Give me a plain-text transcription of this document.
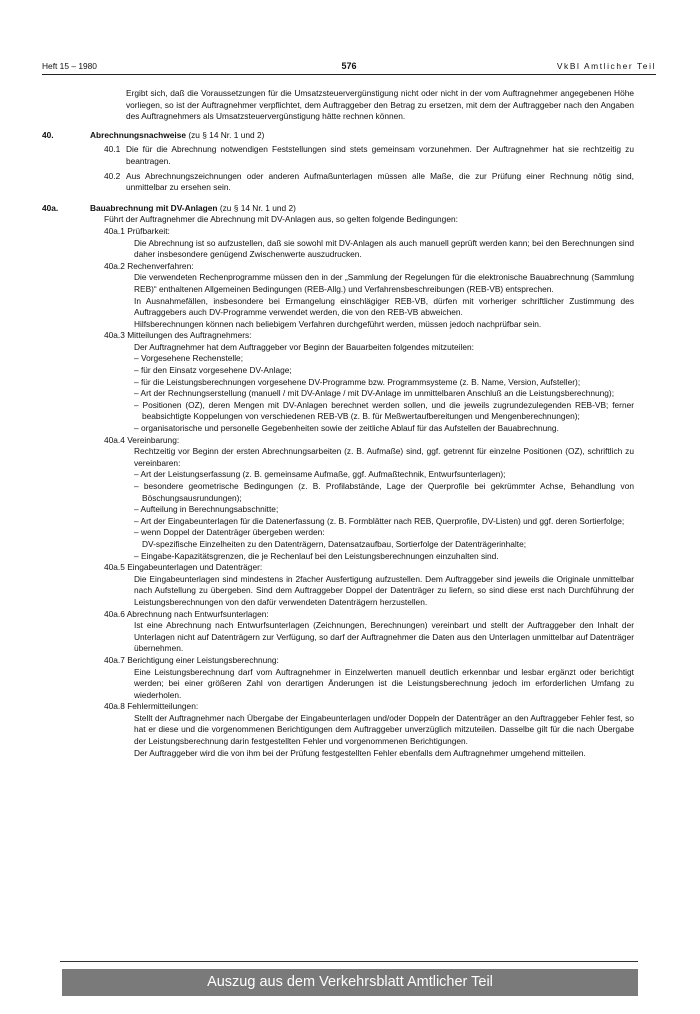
Heft 15 – 1980	576	VkBl Amtlicher Teil

Ergibt sich, daß die Voraussetzungen für die Umsatzsteuervergünstigung nicht oder nicht in der vom Auftragnehmer angegebenen Höhe vorliegen, so ist der Auftragnehmer verpflichtet, dem Auftraggeber den Betrag zu ersetzen, mit dem der Auftraggeber nach den Angaben des Auftragnehmers als Umsatzsteuervergünstigung hätte rechnen können.

40.	Abrechnungsnachweise (zu § 14 Nr. 1 und 2)
40.1 Die für die Abrechnung notwendigen Feststellungen sind stets gemeinsam vorzunehmen. Der Auftragnehmer hat sie rechtzeitig zu beantragen.

40.2 Aus Abrechnungszeichnungen oder anderen Aufmaßunterlagen müssen alle Maße, die zur Prüfung einer Rechnung nötig sind, unmittelbar zu ersehen sein.

40a.	Bauabrechnung mit DV-Anlagen (zu § 14 Nr. 1 und 2)

Führt der Auftragnehmer die Abrechnung mit DV-Anlagen aus, so gelten folgende Bedingungen:

40a.1 Prüfbarkeit:

Die Abrechnung ist so aufzustellen, daß sie sowohl mit DV-Anlagen als auch manuell geprüft werden kann; bei den Berechnungen sind daher insbesondere genügend Zwischenwerte auszudrucken.

40a.2 Rechenverfahren:

Die verwendeten Rechenprogramme müssen den in der „Sammlung der Regelungen für die elektronische Bauabrechnung (Sammlung REB)“ enthaltenen Allgemeinen Bedingungen (REB-Allg.) und Verfahrensbeschreibungen (REB-VB) entsprechen.

In Ausnahmefällen, insbesondere bei Ermangelung einschlägiger REB-VB, dürfen mit vorheriger schriftlicher Zustimmung des Auftraggebers auch DV-Programme verwendet werden, die von den REB-VB abweichen.

Hilfsberechnungen können nach beliebigem Verfahren durchgeführt werden, müssen jedoch nachprüfbar sein.

40a.3 Mitteilungen des Auftragnehmers:

Der Auftragnehmer hat dem Auftraggeber vor Beginn der Bauarbeiten folgendes mitzuteilen:

– Vorgesehene Rechenstelle;

– für den Einsatz vorgesehene DV-Anlage;

– für die Leistungsberechnungen vorgesehene DV-Programme bzw. Programmsysteme (z. B. Name, Version, Aufsteller);

– Art der Rechnungserstellung (manuell / mit DV-Anlage / mit DV-Anlage im unmittelbaren Anschluß an die Leistungsberechnung);

– Positionen (OZ), deren Mengen mit DV-Anlagen berechnet werden sollen, und die jeweils zugrundezulegenden REB-VB; ferner beabsichtigte Koppelungen von verschiedenen REB-VB (z. B. für Meßwertaufbereitungen und Mengenberechnungen);

– organisatorische und personelle Gegebenheiten sowie der zeitliche Ablauf für das Aufstellen der Bauabrechnung.

40a.4 Vereinbarung:

Rechtzeitig vor Beginn der ersten Abrechnungsarbeiten (z. B. Aufmaße) sind, ggf. getrennt für einzelne Positionen (OZ), schriftlich zu vereinbaren:

– Art der Leistungserfassung (z. B. gemeinsame Aufmaße, ggf. Aufmaßtechnik, Entwurfsunterlagen);

– besondere geometrische Bedingungen (z. B. Profilabstände, Lage der Querprofile bei gekrümmter Achse, Behandlung von Böschungsausrundungen);

– Aufteilung in Berechnungsabschnitte;

– Art der Eingabeunterlagen für die Datenerfassung (z. B. Formblätter nach REB, Querprofile, DV-Listen) und ggf. deren Sortierfolge;

– wenn Doppel der Datenträger übergeben werden:

DV-spezifische Einzelheiten zu den Datenträgern, Datensatzaufbau, Sortierfolge der Datenträgerinhalte;

– Eingabe-Kapazitätsgrenzen, die je Rechenlauf bei den Leistungsberechnungen einzuhalten sind.

40a.5 Eingabeunterlagen und Datenträger:

Die Eingabeunterlagen sind mindestens in 2facher Ausfertigung aufzustellen. Dem Auftraggeber sind jeweils die Originale unmittelbar nach Aufstellung zu übergeben. Sind dem Auftraggeber Doppel der Datenträger zu liefern, so sind diese erst nach Durchführung der Leistungsberechnungen von den dafür verwendeten Datenträgern herzustellen.

40a.6 Abrechnung nach Entwurfsunterlagen:

Ist eine Abrechnung nach Entwurfsunterlagen (Zeichnungen, Berechnungen) vereinbart und stellt der Auftraggeber den Inhalt der Unterlagen nicht auf Datenträgern zur Verfügung, so darf der Auftragnehmer die Daten aus den Unterlagen unmittelbar auf Datenträger übernehmen.

40a.7 Berichtigung einer Leistungsberechnung:

Eine Leistungsberechnung darf vom Auftragnehmer in Einzelwerten manuell deutlich erkennbar und lesbar ergänzt oder berichtigt werden; bei einer größeren Zahl von derartigen Änderungen ist die Leistungsberechnung jedoch im erforderlichen Umfang zu wiederholen.

40a.8 Fehlermitteilungen:

Stellt der Auftragnehmer nach Übergabe der Eingabeunterlagen und/oder Doppeln der Datenträger an den Auftraggeber Fehler fest, so hat er diese und die vorgenommenen Berichtigungen dem Auftraggeber unverzüglich mitzuteilen. Dasselbe gilt für die nach Übergabe der Leistungsberechnung darin festgestellten Fehler und vorgenommenen Berichtigungen.

Der Auftraggeber wird die von ihm bei der Prüfung festgestellten Fehler ebenfalls dem Auftragnehmer umgehend mitteilen.

Auszug aus dem Verkehrsblatt Amtlicher Teil
